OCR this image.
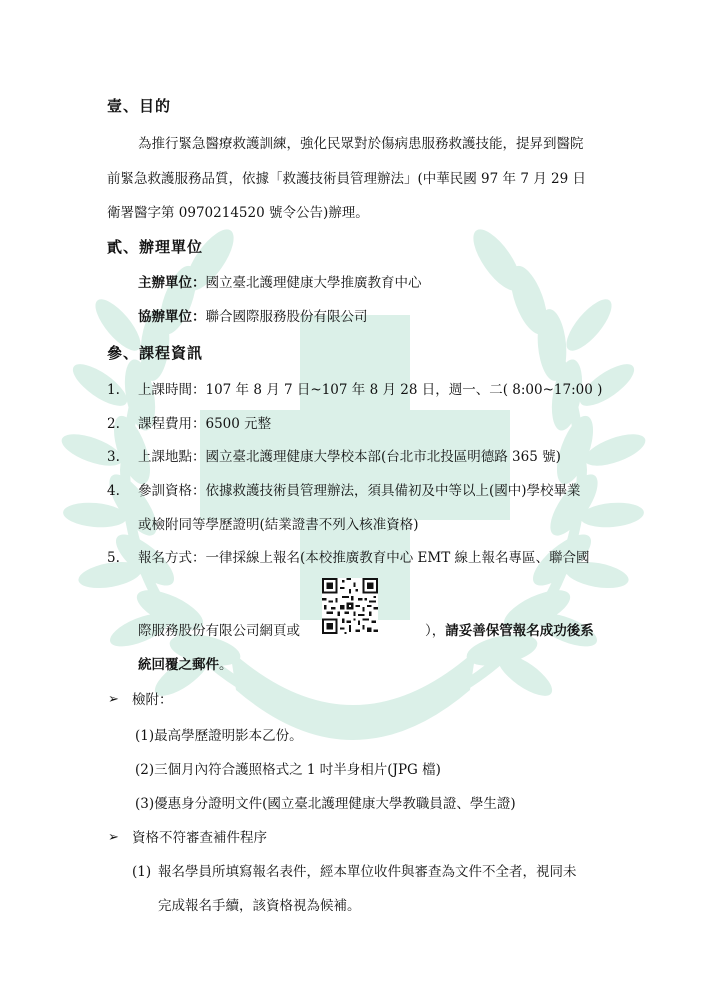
壹、目的
為推行緊急醫療救護訓練，強化民眾對於傷病患服務救護技能，提昇到醫院
前緊急救護服務品質，依據「救護技術員管理辦法」(中華民國 97 年 7 月 29 日
衛署醫字第 0970214520 號令公告)辦理。
貳、辦理單位
主辦單位：國立臺北護理健康大學推廣教育中心
協辦單位：聯合國際服務股份有限公司
參、課程資訊
1. 上課時間：107 年 8 月 7 日~107 年 8 月 28 日，週一、二( 8:00~17:00 )
2. 課程費用：6500 元整
3. 上課地點：國立臺北護理健康大學校本部(台北市北投區明德路 365 號)
4. 參訓資格：依據救護技術員管理辦法，須具備初及中等以上(國中)學校畢業
或檢附同等學歷證明(結業證書不列入核准資格)
5. 報名方式：一律採線上報名(本校推廣教育中心 EMT 線上報名專區、聯合國
際服務股份有限公司網頁或	），請妥善保管報名成功後系
統回覆之郵件。
➢ 檢附：
(1)最高學歷證明影本乙份。
(2)三個月內符合護照格式之 1 吋半身相片(JPG 檔)
(3)優惠身分證明文件(國立臺北護理健康大學教職員證、學生證)
➢ 資格不符審查補件程序
(1) 報名學員所填寫報名表件，經本單位收件與審查為文件不全者，視同未
完成報名手續，該資格視為候補。
